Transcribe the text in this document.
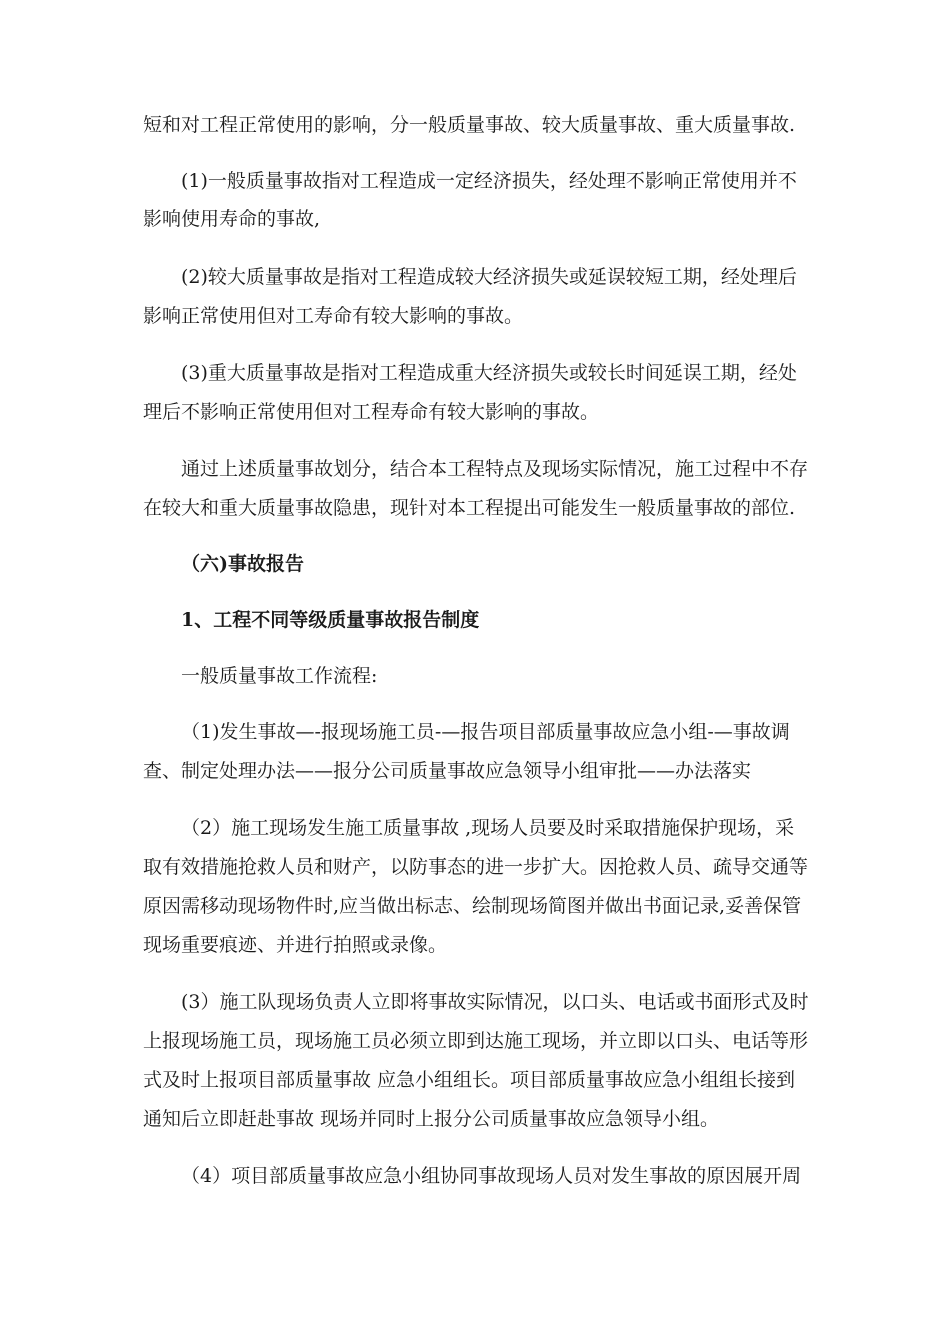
短和对工程正常使用的影响，分一般质量事故、较大质量事故、重大质量事故.
(1)一般质量事故指对工程造成一定经济损失，经处理不影响正常使用并不
影响使用寿命的事故,
(2)较大质量事故是指对工程造成较大经济损失或延误较短工期，经处理后
影响正常使用但对工寿命有较大影响的事故。
(3)重大质量事故是指对工程造成重大经济损失或较长时间延误工期，经处
理后不影响正常使用但对工程寿命有较大影响的事故。
通过上述质量事故划分，结合本工程特点及现场实际情况，施工过程中不存
在较大和重大质量事故隐患，现针对本工程提出可能发生一般质量事故的部位.
（六)事故报告
1、工程不同等级质量事故报告制度
一般质量事故工作流程:
（1)发生事故—-报现场施工员-—报告项目部质量事故应急小组-—事故调
查、制定处理办法——报分公司质量事故应急领导小组审批——办法落实
（2）施工现场发生施工质量事故 ,现场人员要及时采取措施保护现场，采
取有效措施抢救人员和财产，以防事态的进一步扩大。因抢救人员、疏导交通等
原因需移动现场物件时,应当做出标志、绘制现场简图并做出书面记录,妥善保管
现场重要痕迹、并进行拍照或录像。
(3）施工队现场负责人立即将事故实际情况，以口头、电话或书面形式及时
上报现场施工员，现场施工员必须立即到达施工现场，并立即以口头、电话等形
式及时上报项目部质量事故 应急小组组长。项目部质量事故应急小组组长接到
通知后立即赶赴事故 现场并同时上报分公司质量事故应急领导小组。
（4）项目部质量事故应急小组协同事故现场人员对发生事故的原因展开周
